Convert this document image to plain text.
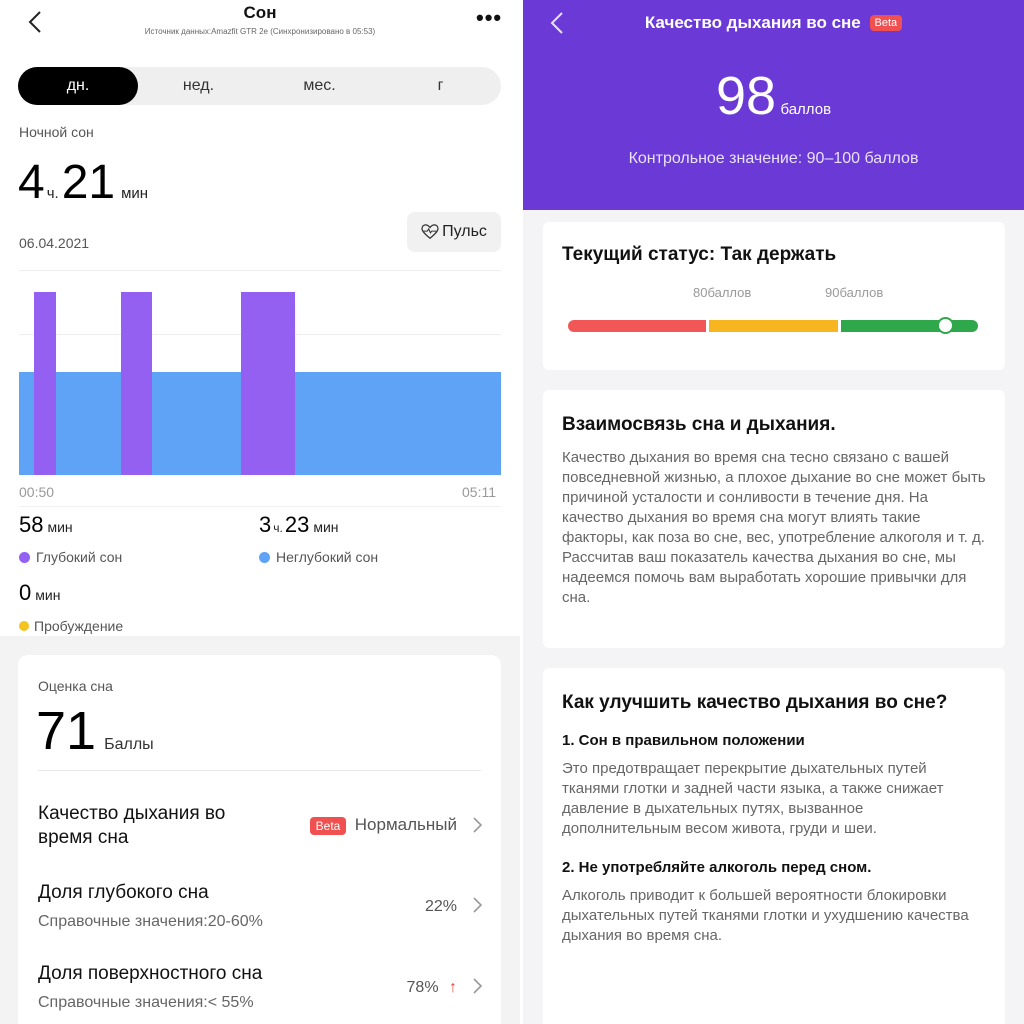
Сон
Источник данных:Amazfit GTR 2e (Синхронизировано в 05:53)
•••
дн.	нед.	мес.	г
Ночной сон
4 ч. 21 мин
06.04.2021
Пульс
00:50	05:11
58 мин
Глубокий сон
3 ч. 23 мин
Неглубокий сон
0 мин
Пробуждение
Оценка сна
71 Баллы
Качество дыхания во время сна
Beta Нормальный
Доля глубокого сна
Справочные значения:20-60%
22%
Доля поверхностного сна
Справочные значения:< 55%
78% ↑
Качество дыхания во сне Beta
98 баллов
Контрольное значение: 90–100 баллов
Текущий статус: Так держать
80баллов	90баллов
Взаимосвязь сна и дыхания.
Качество дыхания во время сна тесно связано с вашей повседневной жизнью, а плохое дыхание во сне может быть причиной усталости и сонливости в течение дня. На качество дыхания во время сна могут влиять такие факторы, как поза во сне, вес, употребление алкоголя и т. д. Рассчитав ваш показатель качества дыхания во сне, мы надеемся помочь вам выработать хорошие привычки для сна.
Как улучшить качество дыхания во сне?
1. Сон в правильном положении
Это предотвращает перекрытие дыхательных путей тканями глотки и задней части языка, а также снижает давление в дыхательных путях, вызванное дополнительным весом живота, груди и шеи.
2. Не употребляйте алкоголь перед сном.
Алкоголь приводит к большей вероятности блокировки дыхательных путей тканями глотки и ухудшению качества дыхания во время сна.
